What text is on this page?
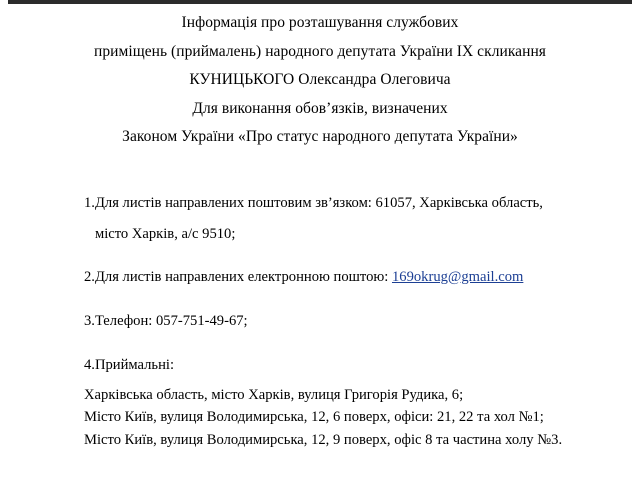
Інформація про розташування службових
приміщень (приймалень) народного депутата України IX скликання
КУНИЦЬКОГО Олександра Олеговича
Для виконання обов’язків, визначених
Законом України «Про статус народного депутата України»
1. Для листів направлених поштовим зв’язком: 61057, Харківська область,
місто Харків, а/с 9510;
2. Для листів направлених електронною поштою: 169okrug@gmail.com
3. Телефон: 057-751-49-67;
4. Приймальні:
Харківська область, місто Харків, вулиця Григорія Рудика, 6;
Місто Київ, вулиця Володимирська, 12, 6 поверх, офіси: 21, 22 та хол №1;
Місто Київ, вулиця Володимирська, 12, 9 поверх, офіс 8 та частина холу №3.
